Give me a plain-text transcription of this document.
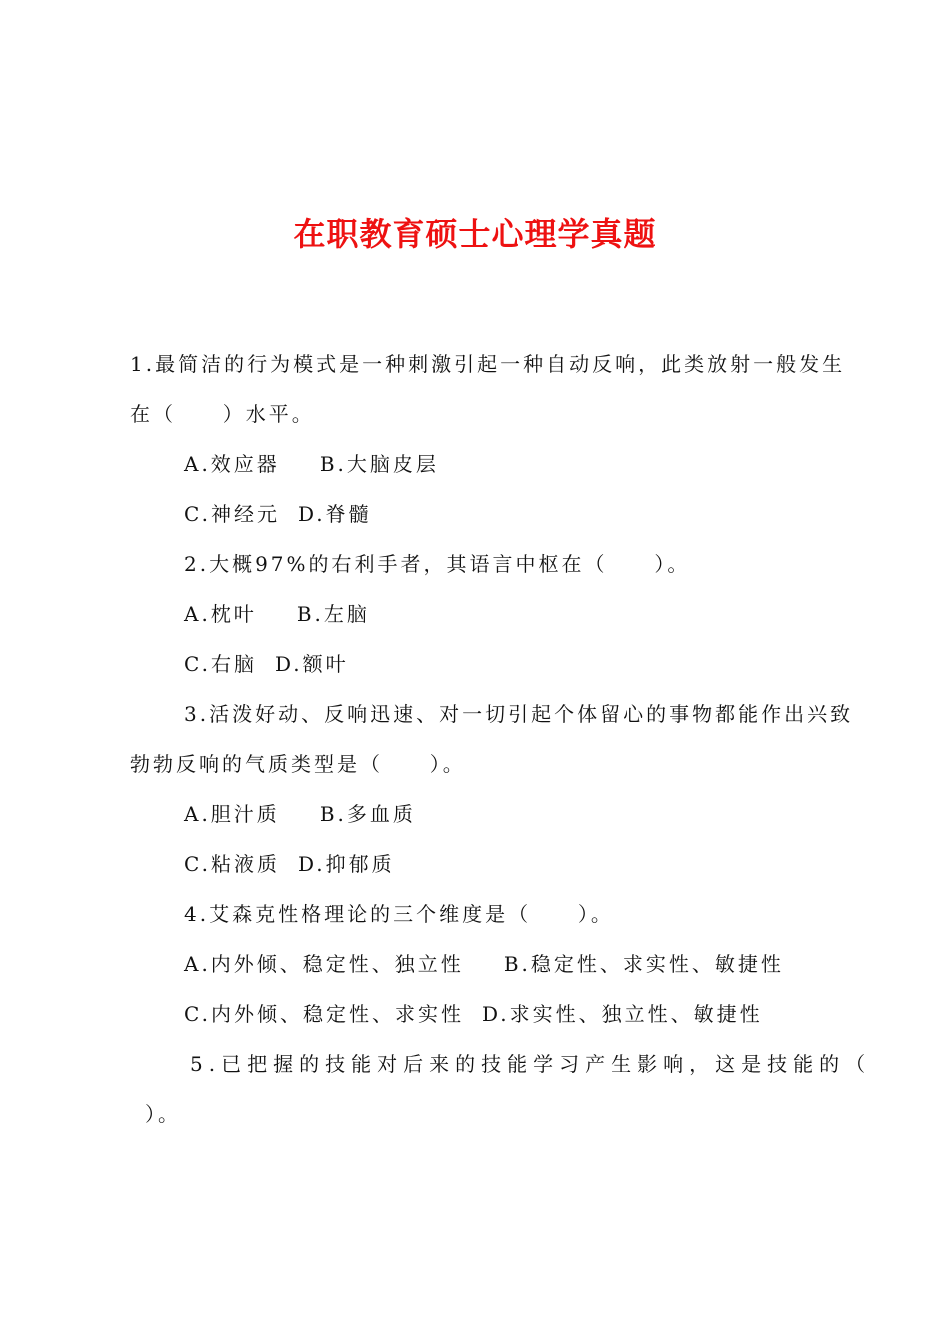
在职教育硕士心理学真题
1.最简洁的行为模式是一种刺激引起一种自动反响，此类放射一般发生
在（     ）水平。
A.效应器 B.大脑皮层
C.神经元 D.脊髓
2.大概97%的右利手者，其语言中枢在（     ）。
A.枕叶 B.左脑
C.右脑 D.额叶
3.活泼好动、反响迅速、对一切引起个体留心的事物都能作出兴致
勃勃反响的气质类型是（     ）。
A.胆汁质 B.多血质
C.粘液质 D.抑郁质
4.艾森克性格理论的三个维度是（     ）。
A.内外倾、稳定性、独立性 B.稳定性、求实性、敏捷性
C.内外倾、稳定性、求实性 D.求实性、独立性、敏捷性
5.已把握的技能对后来的技能学习产生影响，这是技能的（
）。
